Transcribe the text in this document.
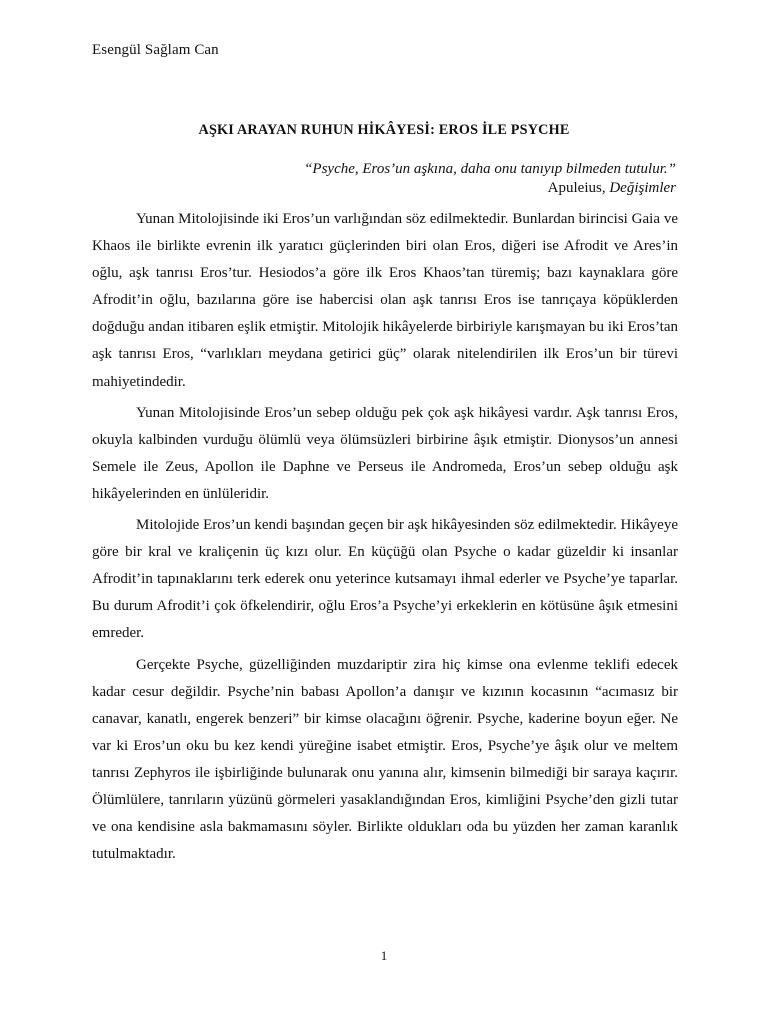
Esengül Sağlam Can
AŞKI ARAYAN RUHUN HİKÂYESİ: EROS İLE PSYCHE
“Psyche, Eros’un aşkına, daha onu tanıyıp bilmeden tutulur.”
Apuleius, Değişimler

Yunan Mitolojisinde iki Eros’un varlığından söz edilmektedir. Bunlardan birincisi Gaia ve Khaos ile birlikte evrenin ilk yaratıcı güçlerinden biri olan Eros, diğeri ise Afrodit ve Ares’in oğlu, aşk tanrısı Eros’tur. Hesiodos’a göre ilk Eros Khaos’tan türemiş; bazı kaynaklara göre Afrodit’in oğlu, bazılarına göre ise habercisi olan aşk tanrısı Eros ise tanrıçaya köpüklerden doğduğu andan itibaren eşlik etmiştir. Mitolojik hikâyelerde birbiriyle karışmayan bu iki Eros’tan aşk tanrısı Eros, “varlıkları meydana getirici güç” olarak nitelendirilen ilk Eros’un bir türevi mahiyetindedir.

Yunan Mitolojisinde Eros’un sebep olduğu pek çok aşk hikâyesi vardır. Aşk tanrısı Eros, okuyla kalbinden vurduğu ölümlü veya ölümsüzleri birbirine âşık etmiştir. Dionysos’un annesi Semele ile Zeus, Apollon ile Daphne ve Perseus ile Andromeda, Eros’un sebep olduğu aşk hikâyelerinden en ünlüleridir.

Mitolojide Eros’un kendi başından geçen bir aşk hikâyesinden söz edilmektedir. Hikâyeye göre bir kral ve kraliçenin üç kızı olur. En küçüğü olan Psyche o kadar güzeldir ki insanlar Afrodit’in tapınaklarını terk ederek onu yeterince kutsamayı ihmal ederler ve Psyche’ye taparlar. Bu durum Afrodit’i çok öfkelendirir, oğlu Eros’a Psyche’yi erkeklerin en kötüsüne âşık etmesini emreder.

Gerçekte Psyche, güzelliğinden muzdariptir zira hiç kimse ona evlenme teklifi edecek kadar cesur değildir. Psyche’nin babası Apollon’a danışır ve kızının kocasının “acımasız bir canavar, kanatlı, engerek benzeri” bir kimse olacağını öğrenir. Psyche, kaderine boyun eğer. Ne var ki Eros’un oku bu kez kendi yüreğine isabet etmiştir. Eros, Psyche’ye âşık olur ve meltem tanrısı Zephyros ile işbirliğinde bulunarak onu yanına alır, kimsenin bilmediği bir saraya kaçırır. Ölümlülere, tanrıların yüzünü görmeleri yasaklandığından Eros, kimliğini Psyche’den gizli tutar ve ona kendisine asla bakmamasını söyler. Birlikte oldukları oda bu yüzden her zaman karanlık tutulmaktadır.

1
